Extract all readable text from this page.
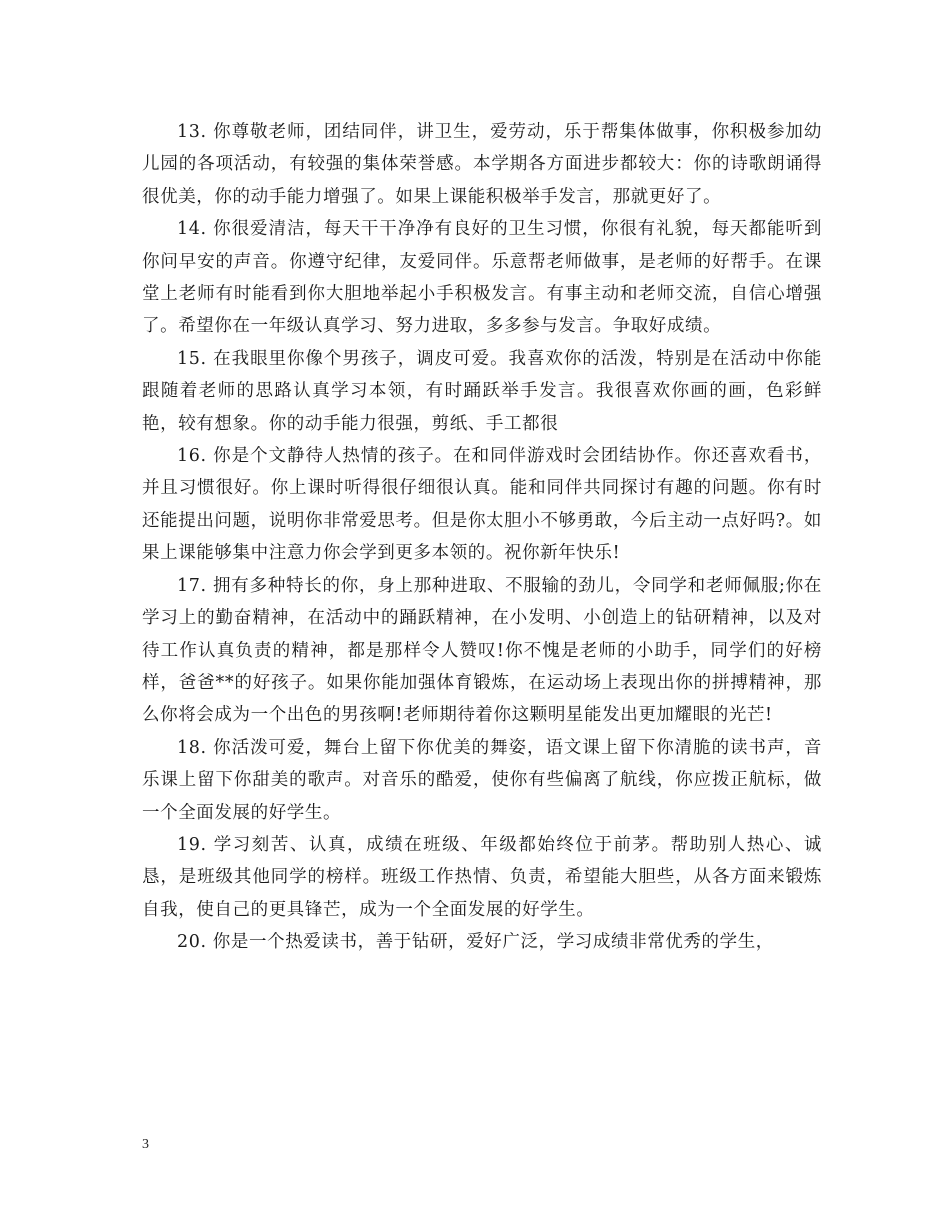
13. 你尊敬老师，团结同伴，讲卫生，爱劳动，乐于帮集体做事，你积极参加幼儿园的各项活动，有较强的集体荣誉感。本学期各方面进步都较大：你的诗歌朗诵得很优美，你的动手能力增强了。如果上课能积极举手发言，那就更好了。

14. 你很爱清洁，每天干干净净有良好的卫生习惯，你很有礼貌，每天都能听到你问早安的声音。你遵守纪律，友爱同伴。乐意帮老师做事，是老师的好帮手。在课堂上老师有时能看到你大胆地举起小手积极发言。有事主动和老师交流，自信心增强了。希望你在一年级认真学习、努力进取，多多参与发言。争取好成绩。

15. 在我眼里你像个男孩子，调皮可爱。我喜欢你的活泼，特别是在活动中你能跟随着老师的思路认真学习本领，有时踊跃举手发言。我很喜欢你画的画，色彩鲜艳，较有想象。你的动手能力很强，剪纸、手工都很

16. 你是个文静待人热情的孩子。在和同伴游戏时会团结协作。你还喜欢看书，并且习惯很好。你上课时听得很仔细很认真。能和同伴共同探讨有趣的问题。你有时还能提出问题，说明你非常爱思考。但是你太胆小不够勇敢，今后主动一点好吗?。如果上课能够集中注意力你会学到更多本领的。祝你新年快乐!

17. 拥有多种特长的你，身上那种进取、不服输的劲儿，令同学和老师佩服;你在学习上的勤奋精神，在活动中的踊跃精神，在小发明、小创造上的钻研精神，以及对待工作认真负责的精神，都是那样令人赞叹!你不愧是老师的小助手，同学们的好榜样，爸爸**的好孩子。如果你能加强体育锻炼，在运动场上表现出你的拼搏精神，那么你将会成为一个出色的男孩啊!老师期待着你这颗明星能发出更加耀眼的光芒!

18. 你活泼可爱，舞台上留下你优美的舞姿，语文课上留下你清脆的读书声，音乐课上留下你甜美的歌声。对音乐的酷爱，使你有些偏离了航线，你应拨正航标，做一个全面发展的好学生。

19. 学习刻苦、认真，成绩在班级、年级都始终位于前茅。帮助别人热心、诚恳，是班级其他同学的榜样。班级工作热情、负责，希望能大胆些，从各方面来锻炼自我，使自己的更具锋芒，成为一个全面发展的好学生。

20. 你是一个热爱读书，善于钻研，爱好广泛，学习成绩非常优秀的学生，

3
